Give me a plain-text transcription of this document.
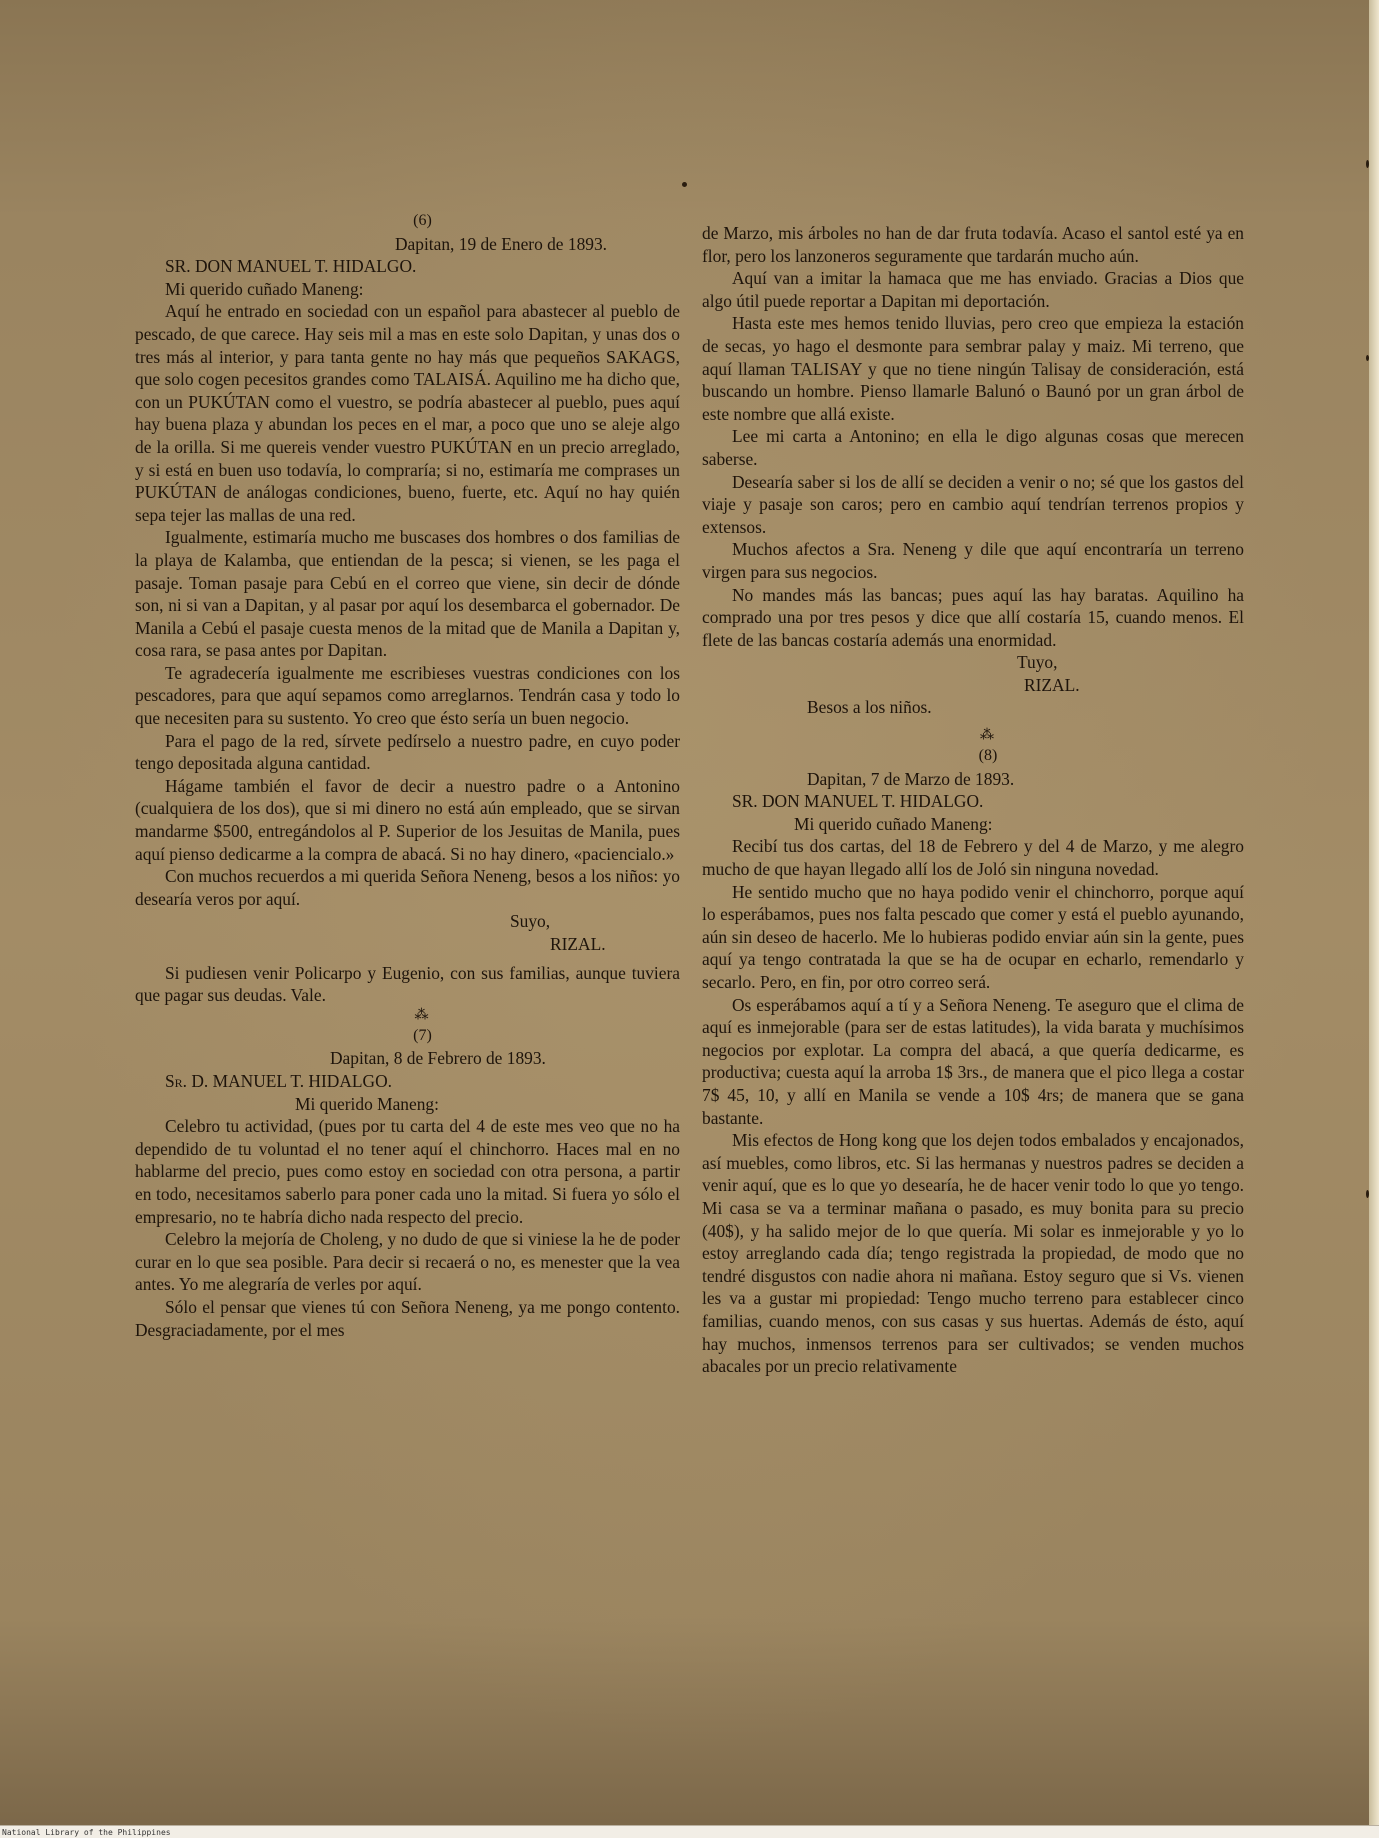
(6)

Dapitan, 19 de Enero de 1893.

SR. DON MANUEL T. HIDALGO.

Mi querido cuñado Maneng:

Aquí he entrado en sociedad con un español para abastecer al pueblo de pescado, de que carece. Hay seis mil a mas en este solo Dapitan, y unas dos o tres más al interior, y para tanta gente no hay más que pequeños SAKAGS, que solo cogen pecesitos grandes como TALAISÁ. Aquilino me ha dicho que, con un PUKÚTAN como el vuestro, se podría abastecer al pueblo, pues aquí hay buena plaza y abundan los peces en el mar, a poco que uno se aleje algo de la orilla. Si me quereis vender vuestro PUKÚTAN en un precio arreglado, y si está en buen uso todavía, lo compraría; si no, estimaría me comprases un PUKÚTAN de análogas condiciones, bueno, fuerte, etc. Aquí no hay quién sepa tejer las mallas de una red.

Igualmente, estimaría mucho me buscases dos hombres o dos familias de la playa de Kalamba, que entiendan de la pesca; si vienen, se les paga el pasaje. Toman pasaje para Cebú en el correo que viene, sin decir de dónde son, ni si van a Dapitan, y al pasar por aquí los desembarca el gobernador. De Manila a Cebú el pasaje cuesta menos de la mitad que de Manila a Dapitan y, cosa rara, se pasa antes por Dapitan.

Te agradecería igualmente me escribieses vuestras condiciones con los pescadores, para que aquí sepamos como arreglarnos. Tendrán casa y todo lo que necesiten para su sustento. Yo creo que ésto sería un buen negocio.

Para el pago de la red, sírvete pedírselo a nuestro padre, en cuyo poder tengo depositada alguna cantidad.

Hágame también el favor de decir a nuestro padre o a Antonino (cualquiera de los dos), que si mi dinero no está aún empleado, que se sirvan mandarme $500, entregándolos al P. Superior de los Jesuitas de Manila, pues aquí pienso dedicarme a la compra de abacá. Si no hay dinero, «paciencialo.»

Con muchos recuerdos a mi querida Señora Neneng, besos a los niños: yo desearía veros por aquí.

Suyo,

RIZAL.

Si pudiesen venir Policarpo y Eugenio, con sus familias, aunque tuviera que pagar sus deudas. Vale.

⁂

(7)

Dapitan, 8 de Febrero de 1893.

Sr. D. MANUEL T. HIDALGO.

Mi querido Maneng:

Celebro tu actividad, (pues por tu carta del 4 de este mes veo que no ha dependido de tu voluntad el no tener aquí el chinchorro. Haces mal en no hablarme del precio, pues como estoy en sociedad con otra persona, a partir en todo, necesitamos saberlo para poner cada uno la mitad. Si fuera yo sólo el empresario, no te habría dicho nada respecto del precio.

Celebro la mejoría de Choleng, y no dudo de que si viniese la he de poder curar en lo que sea posible. Para decir si recaerá o no, es menester que la vea antes. Yo me alegraría de verles por aquí.

Sólo el pensar que vienes tú con Señora Neneng, ya me pongo contento. Desgraciadamente, por el mes

de Marzo, mis árboles no han de dar fruta todavía. Acaso el santol esté ya en flor, pero los lanzoneros seguramente que tardarán mucho aún.

Aquí van a imitar la hamaca que me has enviado. Gracias a Dios que algo útil puede reportar a Dapitan mi deportación.

Hasta este mes hemos tenido lluvias, pero creo que empieza la estación de secas, yo hago el desmonte para sembrar palay y maiz. Mi terreno, que aquí llaman TALISAY y que no tiene ningún Talisay de consideración, está buscando un hombre. Pienso llamarle Balunó o Baunó por un gran árbol de este nombre que allá existe.

Lee mi carta a Antonino; en ella le digo algunas cosas que merecen saberse.

Desearía saber si los de allí se deciden a venir o no; sé que los gastos del viaje y pasaje son caros; pero en cambio aquí tendrían terrenos propios y extensos.

Muchos afectos a Sra. Neneng y dile que aquí encontraría un terreno virgen para sus negocios.

No mandes más las bancas; pues aquí las hay baratas. Aquilino ha comprado una por tres pesos y dice que allí costaría 15, cuando menos. El flete de las bancas costaría además una enormidad.

Tuyo,

RIZAL.

Besos a los niños.

⁂

(8)

Dapitan, 7 de Marzo de 1893.

SR. DON MANUEL T. HIDALGO.

Mi querido cuñado Maneng:

Recibí tus dos cartas, del 18 de Febrero y del 4 de Marzo, y me alegro mucho de que hayan llegado allí los de Joló sin ninguna novedad.

He sentido mucho que no haya podido venir el chinchorro, porque aquí lo esperábamos, pues nos falta pescado que comer y está el pueblo ayunando, aún sin deseo de hacerlo. Me lo hubieras podido enviar aún sin la gente, pues aquí ya tengo contratada la que se ha de ocupar en echarlo, remendarlo y secarlo. Pero, en fin, por otro correo será.

Os esperábamos aquí a tí y a Señora Neneng. Te aseguro que el clima de aquí es inmejorable (para ser de estas latitudes), la vida barata y muchísimos negocios por explotar. La compra del abacá, a que quería dedicarme, es productiva; cuesta aquí la arroba 1$ 3rs., de manera que el pico llega a costar 7$ 45, 10, y allí en Manila se vende a 10$ 4rs; de manera que se gana bastante.

Mis efectos de Hong kong que los dejen todos embalados y encajonados, así muebles, como libros, etc. Si las hermanas y nuestros padres se deciden a venir aquí, que es lo que yo desearía, he de hacer venir todo lo que yo tengo. Mi casa se va a terminar mañana o pasado, es muy bonita para su precio (40$), y ha salido mejor de lo que quería. Mi solar es inmejorable y yo lo estoy arreglando cada día; tengo registrada la propiedad, de modo que no tendré disgustos con nadie ahora ni mañana. Estoy seguro que si Vs. vienen les va a gustar mi propiedad: Tengo mucho terreno para establecer cinco familias, cuando menos, con sus casas y sus huertas. Además de ésto, aquí hay muchos, inmensos terrenos para ser cultivados; se venden muchos abacales por un precio relativamente

National Library of the Philippines
